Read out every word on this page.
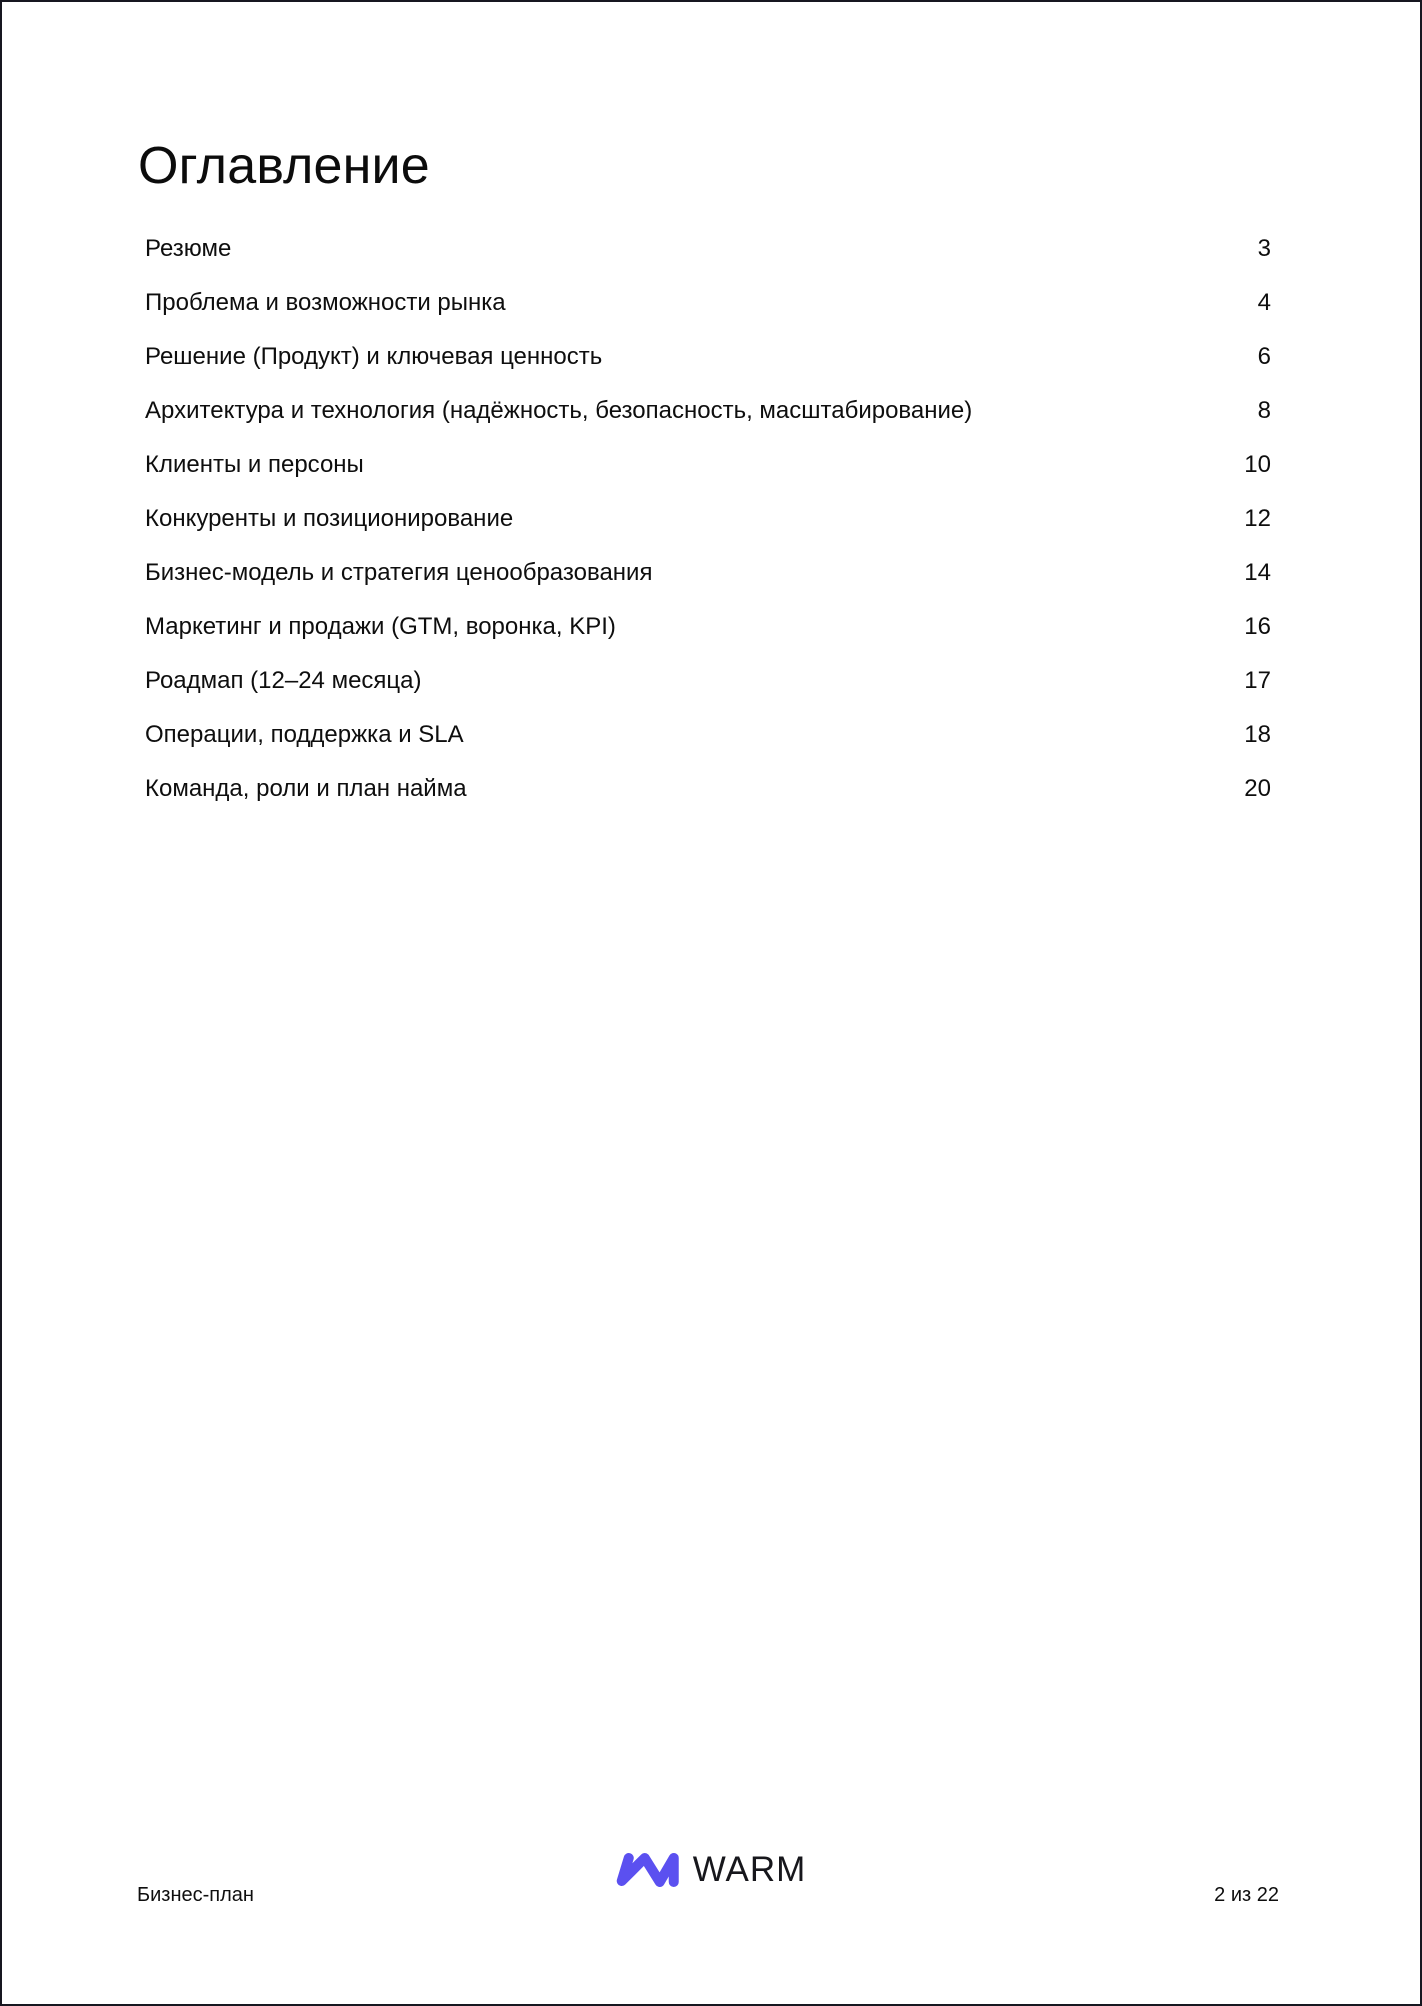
Оглавление
Резюме	3
Проблема и возможности рынка	4
Решение (Продукт) и ключевая ценность	6
Архитектура и технология (надёжность, безопасность, масштабирование)	8
Клиенты и персоны	10
Конкуренты и позиционирование	12
Бизнес-модель и стратегия ценообразования	14
Маркетинг и продажи (GTM, воронка, KPI)	16
Роадмап (12–24 месяца)	17
Операции, поддержка и SLA	18
Команда, роли и план найма	20
Бизнес-план
WARM
2 из 22
